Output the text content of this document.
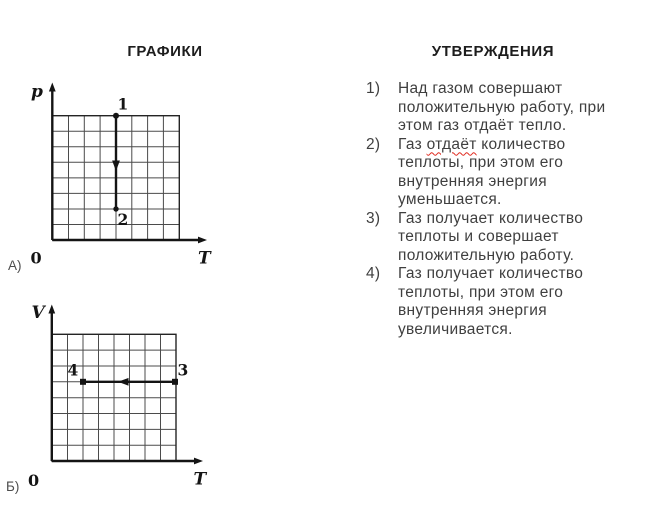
ГРАФИКИ	УТВЕРЖДЕНИЯ
p
1
2
0	T
А)
V
4	3
0	T
Б)
1)	Над газом совершают
положительную работу, при
этом газ отдаёт тепло.
2)	Газ отдаёт количество
теплоты, при этом его
внутренняя энергия
уменьшается.
3)	Газ получает количество
теплоты и совершает
положительную работу.
4)	Газ получает количество
теплоты, при этом его
внутренняя энергия
увеличивается.
